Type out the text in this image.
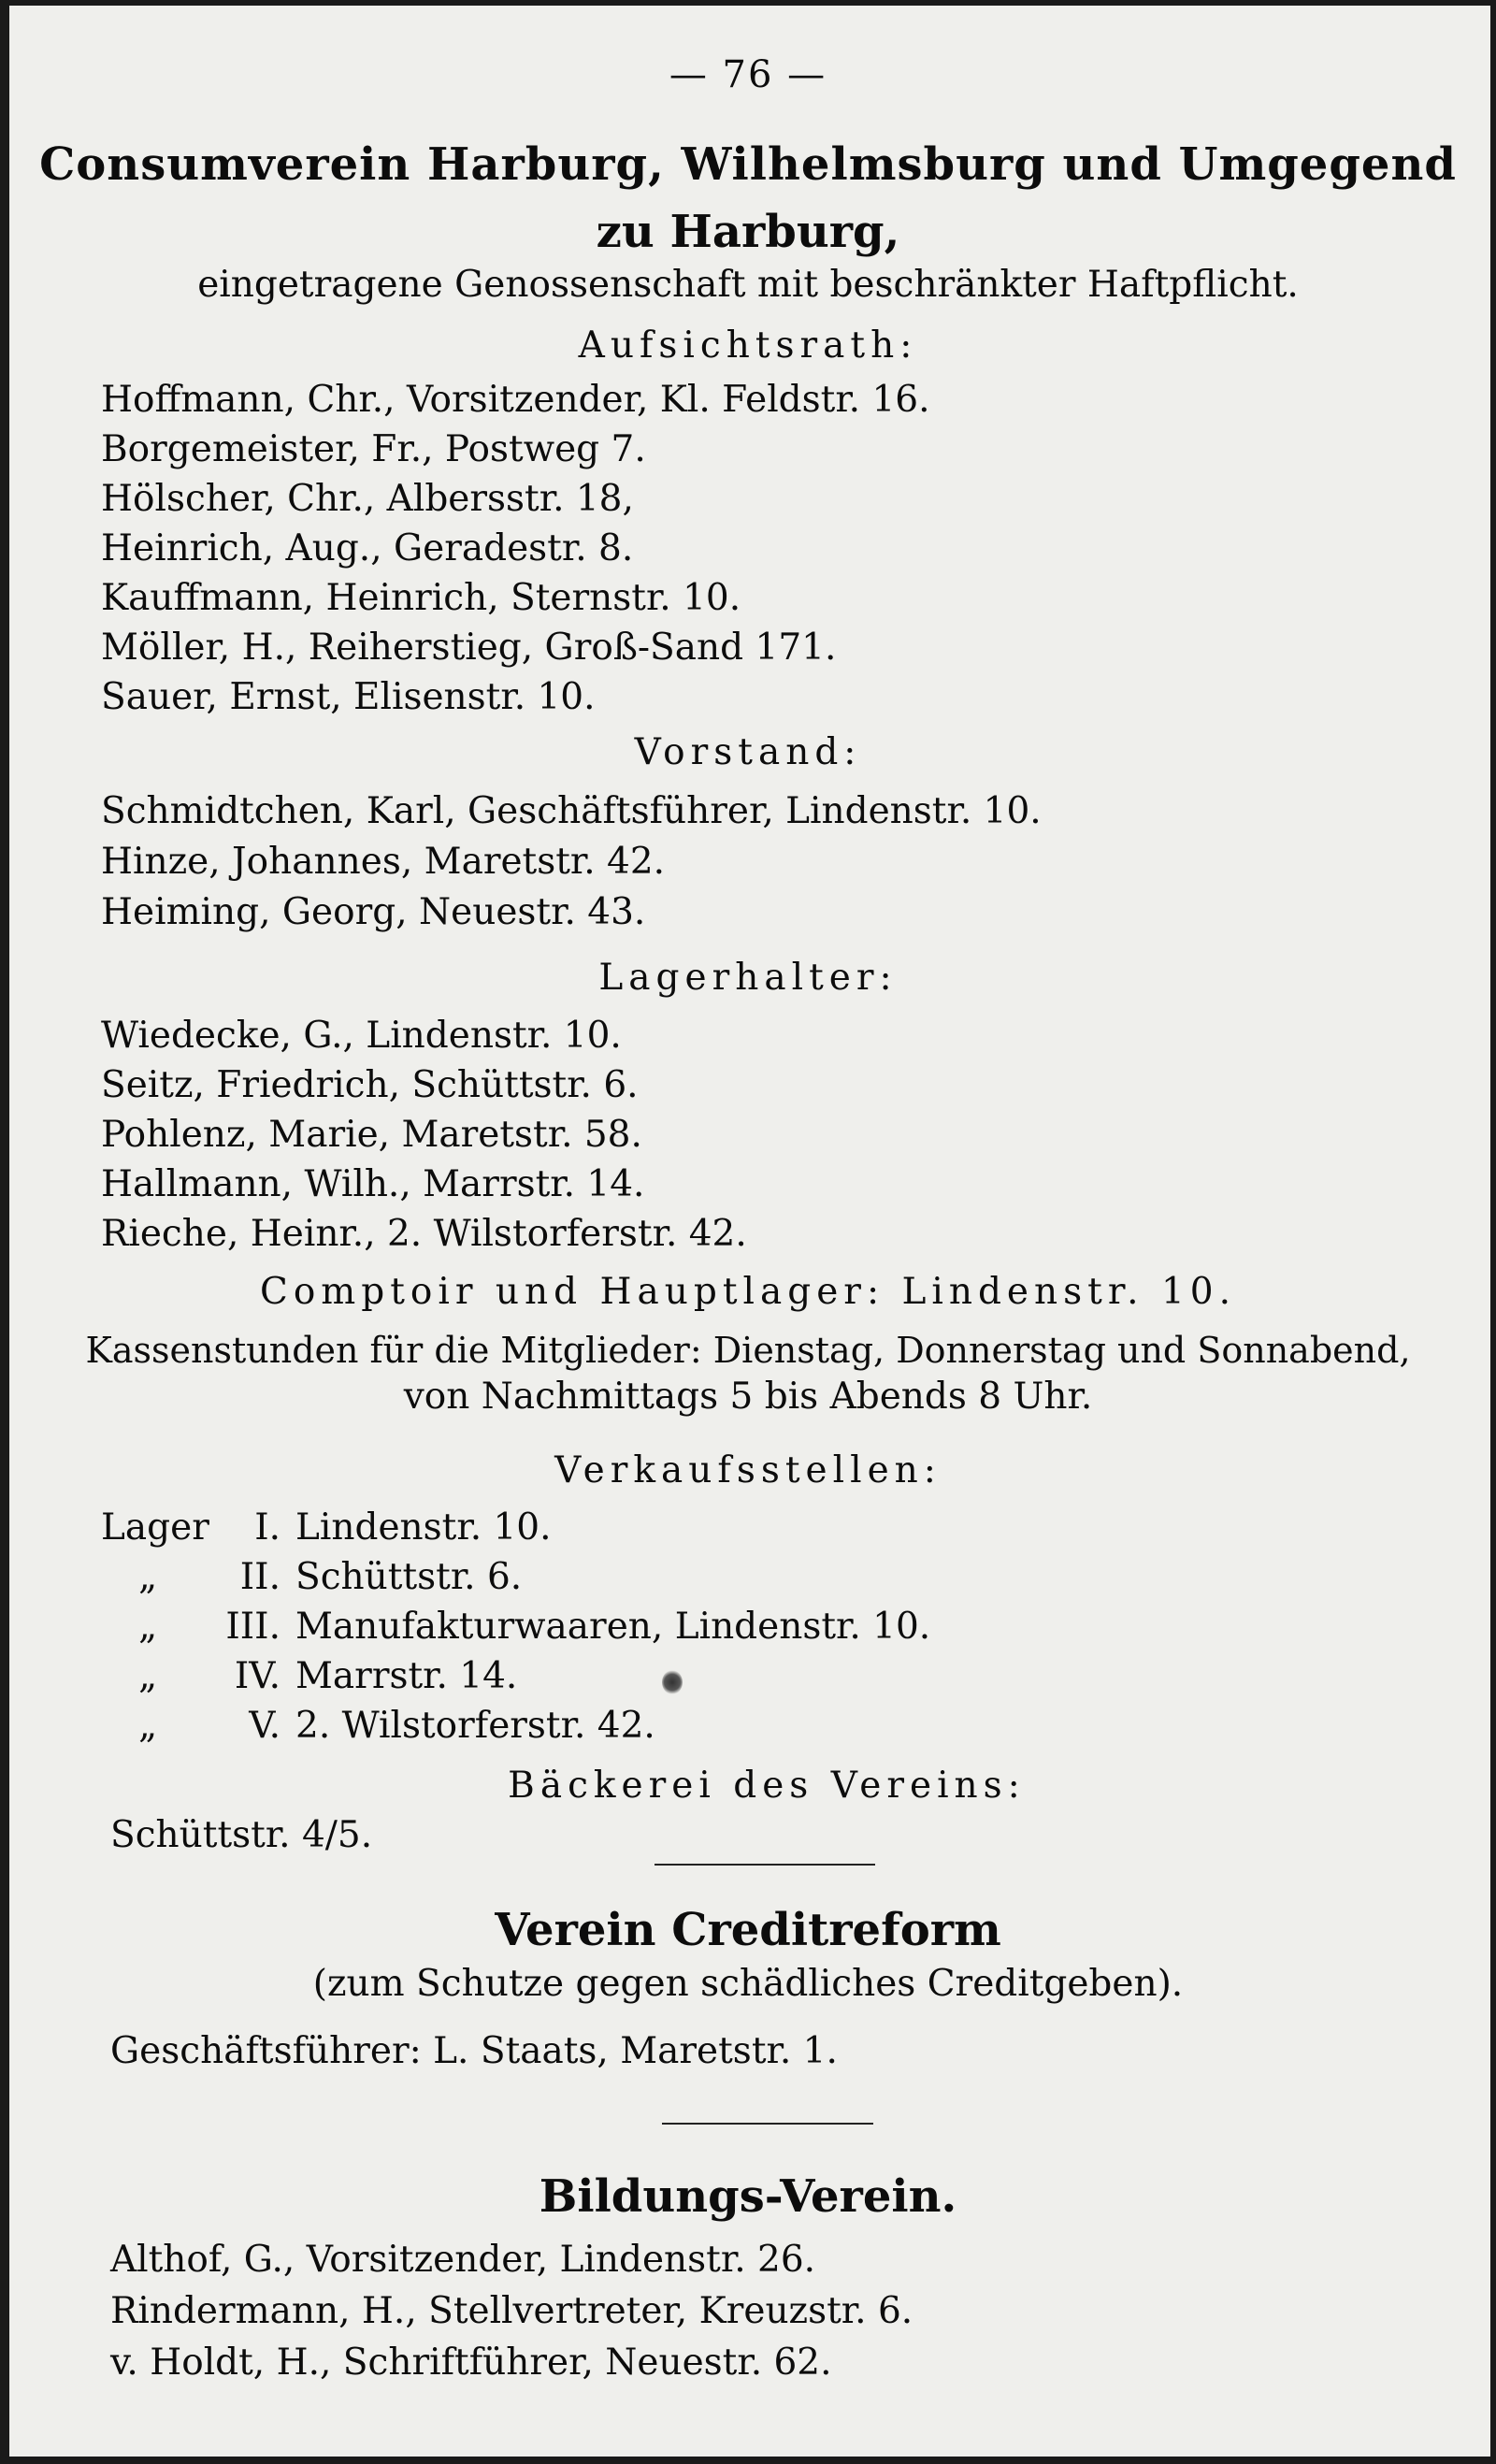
— 76 —
Consumverein Harburg, Wilhelmsburg und Umgegend
zu Harburg,
eingetragene Genossenschaft mit beschränkter Haftpflicht.
Aufsichtsrath:
Hoffmann, Chr., Vorsitzender, Kl. Feldstr. 16.
Borgemeister, Fr., Postweg 7.
Hölscher, Chr., Albersstr. 18,
Heinrich, Aug., Geradestr. 8.
Kauffmann, Heinrich, Sternstr. 10.
Möller, H., Reiherstieg, Groß-Sand 171.
Sauer, Ernst, Elisenstr. 10.
Vorstand:
Schmidtchen, Karl, Geschäftsführer, Lindenstr. 10.
Hinze, Johannes, Maretstr. 42.
Heiming, Georg, Neuestr. 43.
Lagerhalter:
Wiedecke, G., Lindenstr. 10.
Seitz, Friedrich, Schüttstr. 6.
Pohlenz, Marie, Maretstr. 58.
Hallmann, Wilh., Marrstr. 14.
Rieche, Heinr., 2. Wilstorferstr. 42.
Comptoir und Hauptlager: Lindenstr. 10.
Kassenstunden für die Mitglieder: Dienstag, Donnerstag und Sonnabend,
von Nachmittags 5 bis Abends 8 Uhr.
Verkaufsstellen:
Lager	I. Lindenstr. 10.
„	II. Schüttstr. 6.
„	III. Manufakturwaaren, Lindenstr. 10.
„	IV. Marrstr. 14.
„	V. 2. Wilstorferstr. 42.
Bäckerei des Vereins:
Schüttstr. 4/5.
Verein Creditreform
(zum Schutze gegen schädliches Creditgeben).
Geschäftsführer: L. Staats, Maretstr. 1.
Bildungs-Verein.
Althof, G., Vorsitzender, Lindenstr. 26.
Rindermann, H., Stellvertreter, Kreuzstr. 6.
v. Holdt, H., Schriftführer, Neuestr. 62.
